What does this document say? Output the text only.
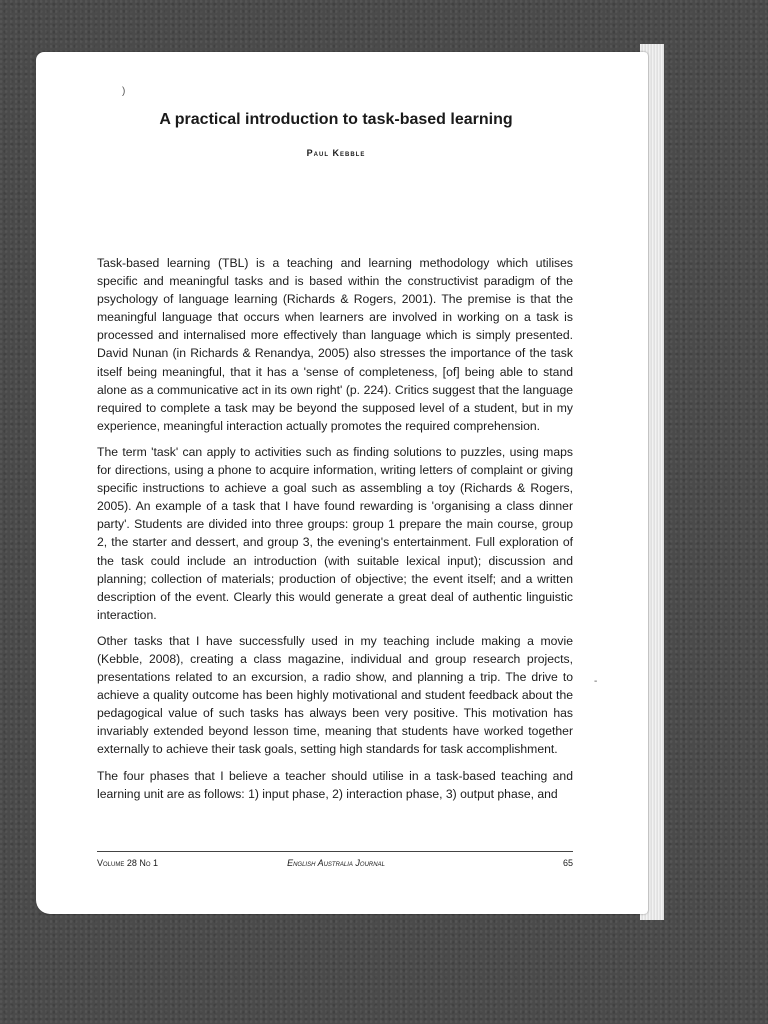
A practical introduction to task-based learning
Paul Kebble

Task-based learning (TBL) is a teaching and learning methodology which utilises specific and meaningful tasks and is based within the constructivist paradigm of the psychology of language learning (Richards & Rogers, 2001). The premise is that the meaningful language that occurs when learners are involved in working on a task is processed and internalised more effectively than language which is simply presented. David Nunan (in Richards & Renandya, 2005) also stresses the importance of the task itself being meaningful, that it has a 'sense of completeness, [of] being able to stand alone as a communicative act in its own right' (p. 224). Critics suggest that the language required to complete a task may be beyond the supposed level of a student, but in my experience, meaningful interaction actually promotes the required comprehension.

The term 'task' can apply to activities such as finding solutions to puzzles, using maps for directions, using a phone to acquire information, writing letters of complaint or giving specific instructions to achieve a goal such as assembling a toy (Richards & Rogers, 2005). An example of a task that I have found rewarding is 'organising a class dinner party'. Students are divided into three groups: group 1 prepare the main course, group 2, the starter and dessert, and group 3, the evening's entertainment. Full exploration of the task could include an introduction (with suitable lexical input); discussion and planning; collection of materials; production of objective; the event itself; and a written description of the event. Clearly this would generate a great deal of authentic linguistic interaction.

Other tasks that I have successfully used in my teaching include making a movie (Kebble, 2008), creating a class magazine, individual and group research projects, presentations related to an excursion, a radio show, and planning a trip. The drive to achieve a quality outcome has been highly motivational and student feedback about the pedagogical value of such tasks has always been very positive. This motivation has invariably extended beyond lesson time, meaning that students have worked together externally to achieve their task goals, setting high standards for task accomplishment.

The four phases that I believe a teacher should utilise in a task-based teaching and learning unit are as follows: 1) input phase, 2) interaction phase, 3) output phase, and

Volume 28 No 1	English Australia Journal	65
)
·
·
-
